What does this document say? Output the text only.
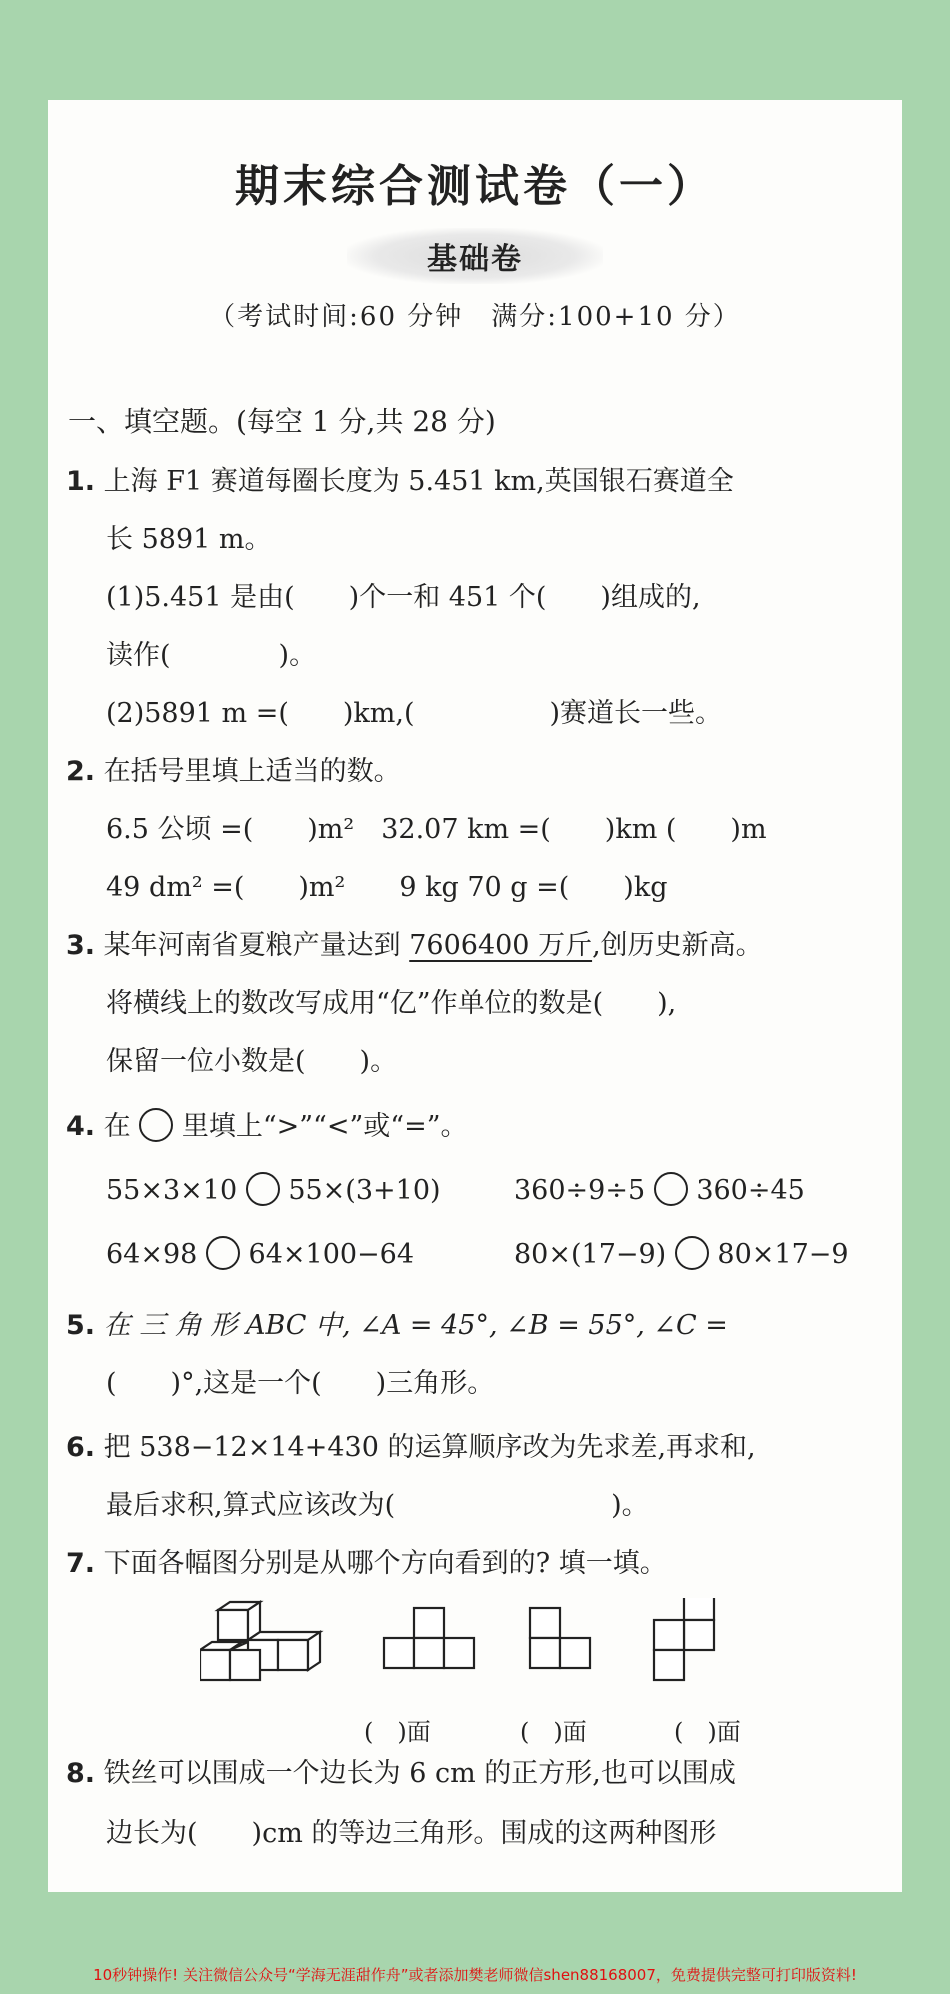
期末综合测试卷（一）
基础卷
（考试时间:60 分钟　满分:100+10 分）
一、填空题。(每空 1 分,共 28 分)
1. 上海 F1 赛道每圈长度为 5.451 km,英国银石赛道全
长 5891 m。
(1)5.451 是由(　　)个一和 451 个(　　)组成的,
读作(　　　　)。
(2)5891 m =(　　)km,(　　　　　)赛道长一些。
2. 在括号里填上适当的数。
6.5 公顷 =(　　)m²　32.07 km =(　　)km (　　)m
49 dm² =(　　)m²　　9 kg 70 g =(　　)kg
3. 某年河南省夏粮产量达到 7606400 万斤,创历史新高。
将横线上的数改写成用“亿”作单位的数是(　　),
保留一位小数是(　　)。
4. 在 里填上“>”“<”或“=”。
55×3×10 55×(3+10)	360÷9÷5 360÷45
64×98 64×100−64	80×(17−9) 80×17−9
5. 在 三 角 形 ABC 中, ∠A = 45°, ∠B = 55°, ∠C =
(　　)°,这是一个(　　)三角形。
6. 把 538−12×14+430 的运算顺序改为先求差,再求和,
最后求积,算式应该改为(　　　　　　　　)。
7. 下面各幅图分别是从哪个方向看到的? 填一填。
8. 铁丝可以围成一个边长为 6 cm 的正方形,也可以围成
边长为(　　)cm 的等边三角形。围成的这两种图形
(　)面	(　)面	(　)面
10秒钟操作! 关注微信公众号“学海无涯甜作舟”或者添加樊老师微信shen88168007，免费提供完整可打印版资料!
